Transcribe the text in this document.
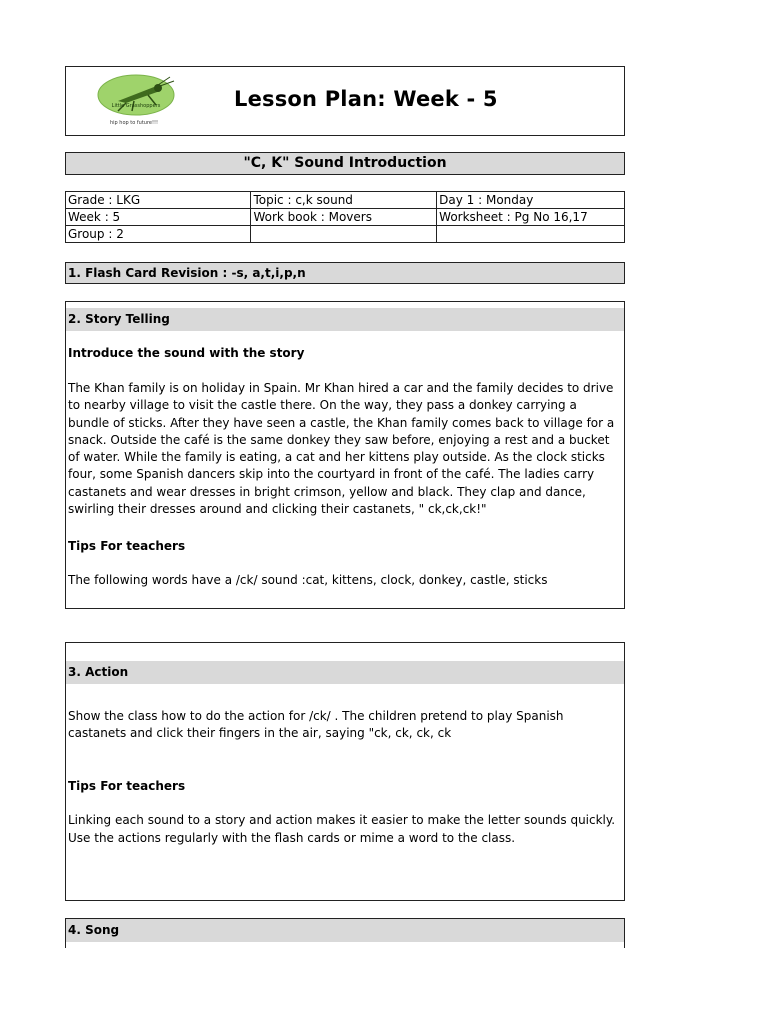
Little Grasshoppers
hip hop to future!!!
Lesson Plan: Week - 5
"C, K" Sound Introduction
Grade : LKG	Topic : c,k sound	Day 1 : Monday
Week : 5	Work book : Movers	Worksheet : Pg No 16,17
Group : 2		
1. Flash Card Revision : -s, a,t,i,p,n
2. Story Telling
Introduce the sound with the story
The Khan family is on holiday in Spain. Mr Khan hired a car and the family decides to drive to nearby village to visit the castle there. On the way, they pass a donkey carrying a bundle of sticks. After they have seen a castle, the Khan family comes back to village for a snack. Outside the café is the same donkey they saw before, enjoying a rest and a bucket of water. While the family is eating, a cat and her kittens play outside. As the clock sticks four, some Spanish dancers skip into the courtyard in front of the café. The ladies carry castanets and wear dresses in bright crimson, yellow and black. They clap and dance, swirling their dresses around and clicking their castanets, " ck,ck,ck!"
Tips For teachers
The following words have a /ck/ sound :cat, kittens, clock, donkey, castle, sticks
3. Action
Show the class how to do the action for /ck/ . The children pretend to play Spanish castanets and click their fingers in the air, saying "ck, ck, ck, ck
Tips For teachers
Linking each sound to a story and action makes it easier to make the letter sounds quickly.
Use the actions regularly with the flash cards or mime a word to the class.
4. Song
